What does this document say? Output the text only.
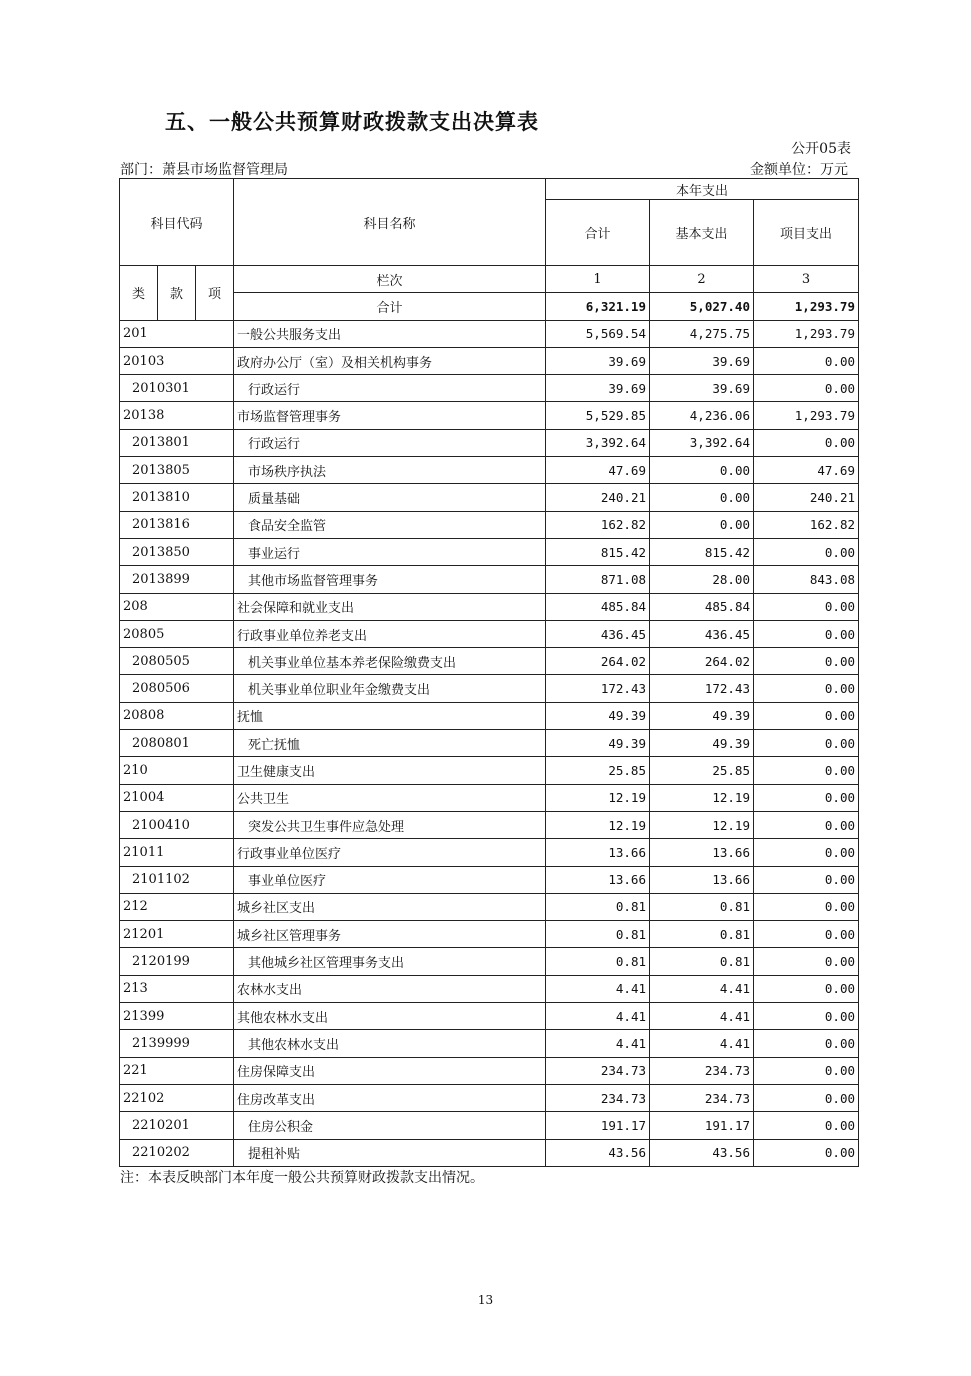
五、一般公共预算财政拨款支出决算表
公开05表
部门：萧县市场监督管理局	金额单位：万元
科目代码			科目名称	本年支出		
				合计	基本支出	项目支出
类	款	项	栏次	1	2	3
			合计	6,321.19	5,027.40	1,293.79
201			一般公共服务支出	5,569.54	4,275.75	1,293.79
20103			政府办公厅（室）及相关机构事务	39.69	39.69	0.00
2010301			行政运行	39.69	39.69	0.00
20138			市场监督管理事务	5,529.85	4,236.06	1,293.79
2013801			行政运行	3,392.64	3,392.64	0.00
2013805			市场秩序执法	47.69	0.00	47.69
2013810			质量基础	240.21	0.00	240.21
2013816			食品安全监管	162.82	0.00	162.82
2013850			事业运行	815.42	815.42	0.00
2013899			其他市场监督管理事务	871.08	28.00	843.08
208			社会保障和就业支出	485.84	485.84	0.00
20805			行政事业单位养老支出	436.45	436.45	0.00
2080505			机关事业单位基本养老保险缴费支出	264.02	264.02	0.00
2080506			机关事业单位职业年金缴费支出	172.43	172.43	0.00
20808			抚恤	49.39	49.39	0.00
2080801			死亡抚恤	49.39	49.39	0.00
210			卫生健康支出	25.85	25.85	0.00
21004			公共卫生	12.19	12.19	0.00
2100410			突发公共卫生事件应急处理	12.19	12.19	0.00
21011			行政事业单位医疗	13.66	13.66	0.00
2101102			事业单位医疗	13.66	13.66	0.00
212			城乡社区支出	0.81	0.81	0.00
21201			城乡社区管理事务	0.81	0.81	0.00
2120199			其他城乡社区管理事务支出	0.81	0.81	0.00
213			农林水支出	4.41	4.41	0.00
21399			其他农林水支出	4.41	4.41	0.00
2139999			其他农林水支出	4.41	4.41	0.00
221			住房保障支出	234.73	234.73	0.00
22102			住房改革支出	234.73	234.73	0.00
2210201			住房公积金	191.17	191.17	0.00
2210202			提租补贴	43.56	43.56	0.00
注：本表反映部门本年度一般公共预算财政拨款支出情况。
13
